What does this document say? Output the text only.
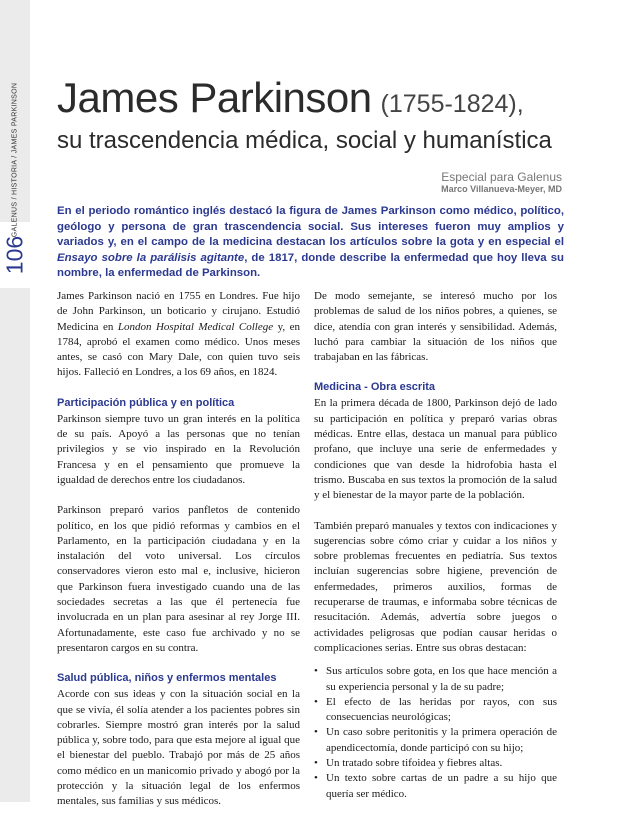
106
GALENUS / HISTORIA / JAMES PARKINSON James Parkinson (1755-1824),
su trascendencia médica, social y humanística
Especial para Galenus
Marco Villanueva-Meyer, MD

En el periodo romántico inglés destacó la figura de James Parkinson como médico, político, geólogo y persona de gran trascendencia social. Sus intereses fueron muy amplios y variados y, en el campo de la medicina destacan los artículos sobre la gota y en especial el Ensayo sobre la parálisis agitante, de 1817, donde describe la enfermedad que hoy lleva su nombre, la enfermedad de Parkinson.

James Parkinson nació en 1755 en Londres. Fue hijo de John Parkinson, un boticario y cirujano. Estudió Medicina en London Hospital Medical College y, en 1784, aprobó el examen como médico. Unos meses antes, se casó con Mary Dale, con quien tuvo seis hijos. Falleció en Londres, a los 69 años, en 1824.

Participación pública y en política

Parkinson siempre tuvo un gran interés en la política de su país. Apoyó a las personas que no tenían privilegios y se vio inspirado en la Revolución Francesa y en el pensamiento que promueve la igualdad de derechos entre los ciudadanos.

Parkinson preparó varios panfletos de contenido político, en los que pidió reformas y cambios en el Parlamento, en la participación ciudadana y en la instalación del voto universal. Los círculos conservadores vieron esto mal e, inclusive, hicieron que Parkinson fuera investigado cuando una de las sociedades secretas a las que él pertenecía fue involucrada en un plan para asesinar al rey Jorge III. Afortunadamente, este caso fue archivado y no se presentaron cargos en su contra.

Salud pública, niños y enfermos mentales

Acorde con sus ideas y con la situación social en la que se vivía, él solía atender a los pacientes pobres sin cobrarles. Siempre mostró gran interés por la salud pública y, sobre todo, para que esta mejore al igual que el bienestar del pueblo. Trabajó por más de 25 años como médico en un manicomio privado y abogó por la protección y la situación legal de los enfermos mentales, sus familias y sus médicos.

De modo semejante, se interesó mucho por los problemas de salud de los niños pobres, a quienes, se dice, atendía con gran interés y sensibilidad. Además, luchó para cambiar la situación de los niños que trabajaban en las fábricas.

Medicina - Obra escrita

En la primera década de 1800, Parkinson dejó de lado su participación en política y preparó varias obras médicas. Entre ellas, destaca un manual para público profano, que incluye una serie de enfermedades y condiciones que van desde la hidrofobia hasta el trismo. Buscaba en sus textos la promoción de la salud y el bienestar de la mayor parte de la población.

También preparó manuales y textos con indicaciones y sugerencias sobre cómo criar y cuidar a los niños y sobre problemas frecuentes en pediatría. Sus textos incluían sugerencias sobre higiene, prevención de enfermedades, primeros auxilios, formas de recuperarse de traumas, e informaba sobre técnicas de resucitación. Además, advertía sobre juegos o actividades peligrosas que podían causar heridas o complicaciones serias. Entre sus obras destacan:

• Sus artículos sobre gota, en los que hace mención a su experiencia personal y la de su padre;
• El efecto de las heridas por rayos, con sus consecuencias neurológicas;
• Un caso sobre peritonitis y la primera operación de apendicectomía, donde participó con su hijo;
• Un tratado sobre tifoidea y fiebres altas.
• Un texto sobre cartas de un padre a su hijo que quería ser médico.
